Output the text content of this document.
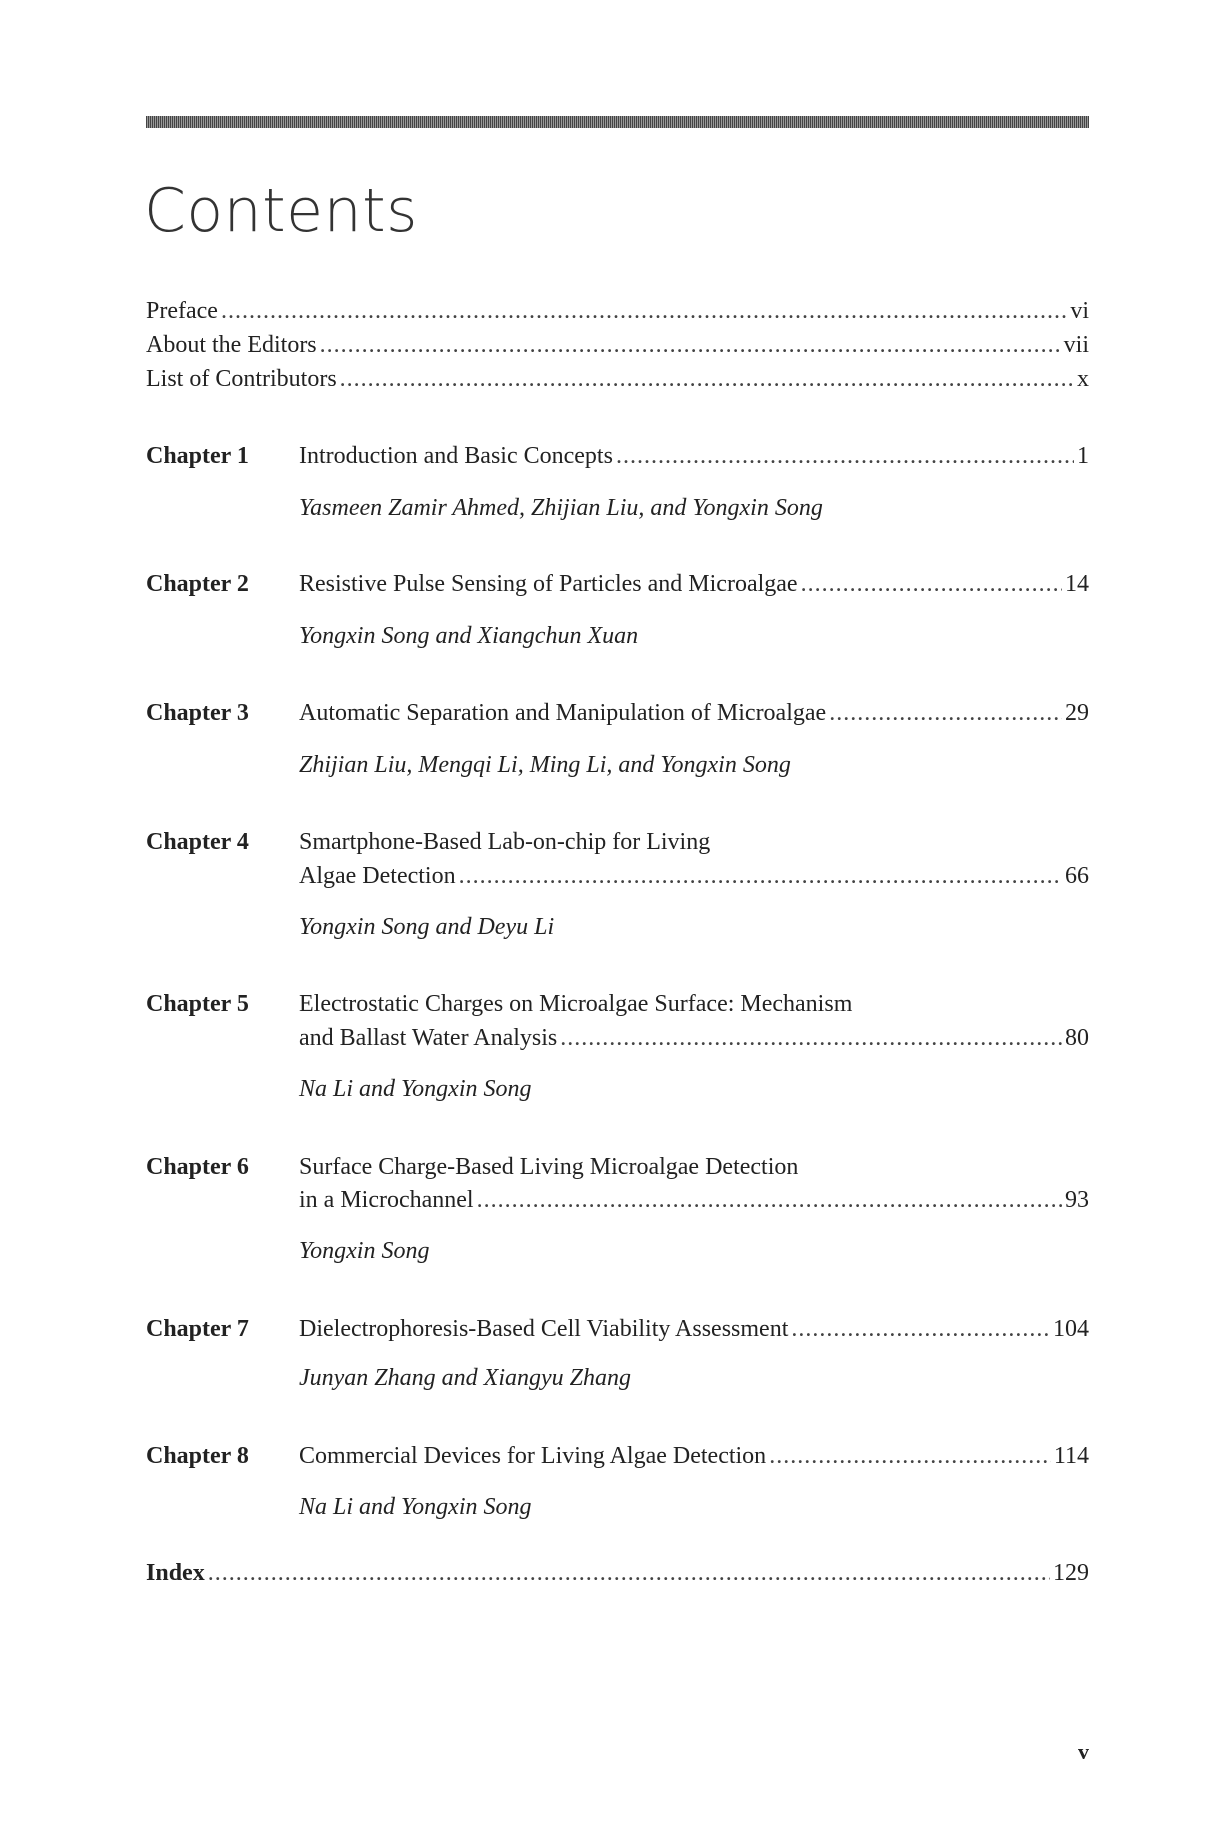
Contents
Preface .....	vi
About the Editors .....	vii
List of Contributors .....	x
Chapter 1 Introduction and Basic Concepts .....	1
Yasmeen Zamir Ahmed, Zhijian Liu, and Yongxin Song
Chapter 2 Resistive Pulse Sensing of Particles and Microalgae .....	14
Yongxin Song and Xiangchun Xuan
Chapter 3 Automatic Separation and Manipulation of Microalgae .....	29
Zhijian Liu, Mengqi Li, Ming Li, and Yongxin Song
Chapter 4 Smartphone-Based Lab-on-chip for Living
Algae Detection .....	66
Yongxin Song and Deyu Li
Chapter 5 Electrostatic Charges on Microalgae Surface: Mechanism
and Ballast Water Analysis .....	80
Na Li and Yongxin Song
Chapter 6 Surface Charge-Based Living Microalgae Detection
in a Microchannel .....	93
Yongxin Song
Chapter 7 Dielectrophoresis-Based Cell Viability Assessment .....	104
Junyan Zhang and Xiangyu Zhang
Chapter 8 Commercial Devices for Living Algae Detection .....	114
Na Li and Yongxin Song
Index .....	129
v
